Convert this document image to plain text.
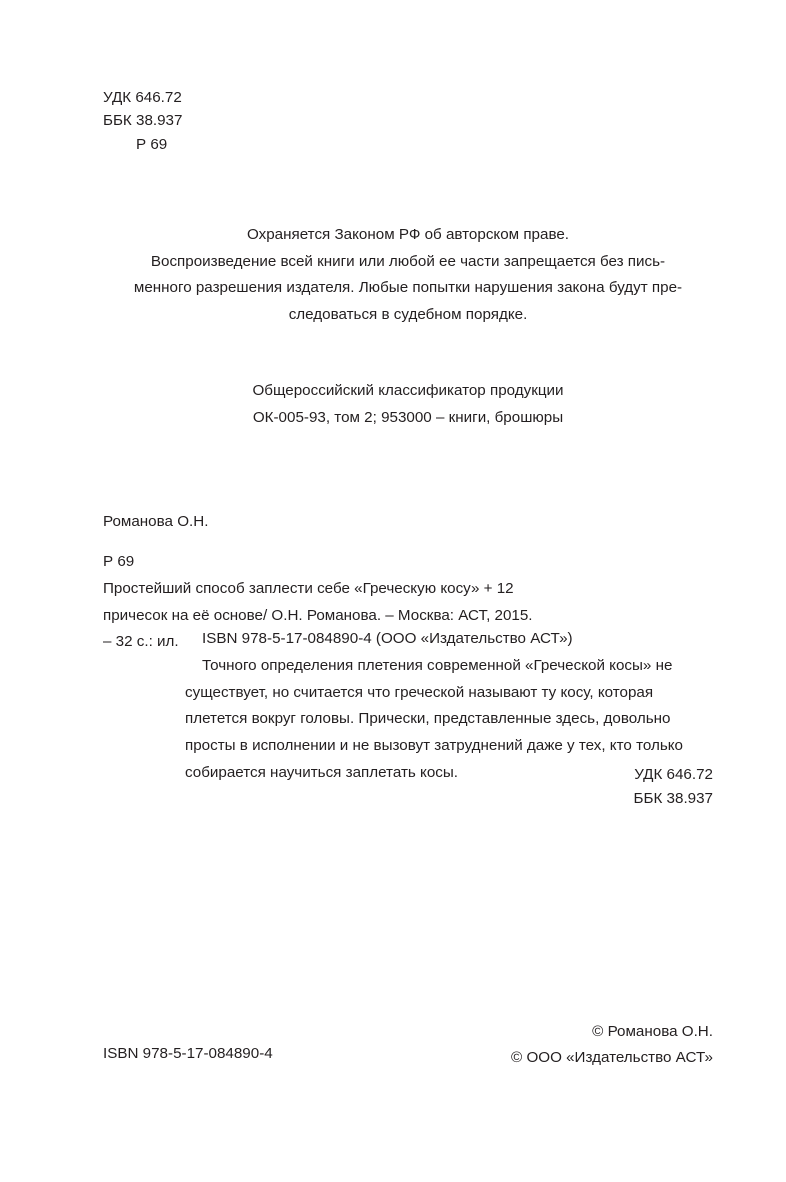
УДК 646.72
ББК 38.937
Р 69
Охраняется Законом РФ об авторском праве.
Воспроизведение всей книги или любой ее части запрещается без пись-
менного разрешения издателя. Любые попытки нарушения закона будут пре-
следоваться в судебном порядке.
Общероссийский классификатор продукции
ОК-005-93, том 2; 953000 – книги, брошюры
Романова О.Н.
Р 69
Простейший способ заплести себе «Греческую косу» + 12
причесок на её основе/ О.Н. Романова. – Москва: АСТ, 2015.
– 32 с.: ил.	ISBN 978-5-17-084890-4 (ООО «Издательство АСТ»)
Точного определения плетения современной «Греческой косы» не
существует, но считается что греческой называют ту косу, которая
плетется вокруг головы. Прически, представленные здесь, довольно
просты в исполнении и не вызовут затруднений даже у тех, кто только
собирается научиться заплетать косы.	УДК 646.72
ББК 38.937
ISBN 978-5-17-084890-4
© Романова О.Н.
© ООО «Издательство АСТ»
